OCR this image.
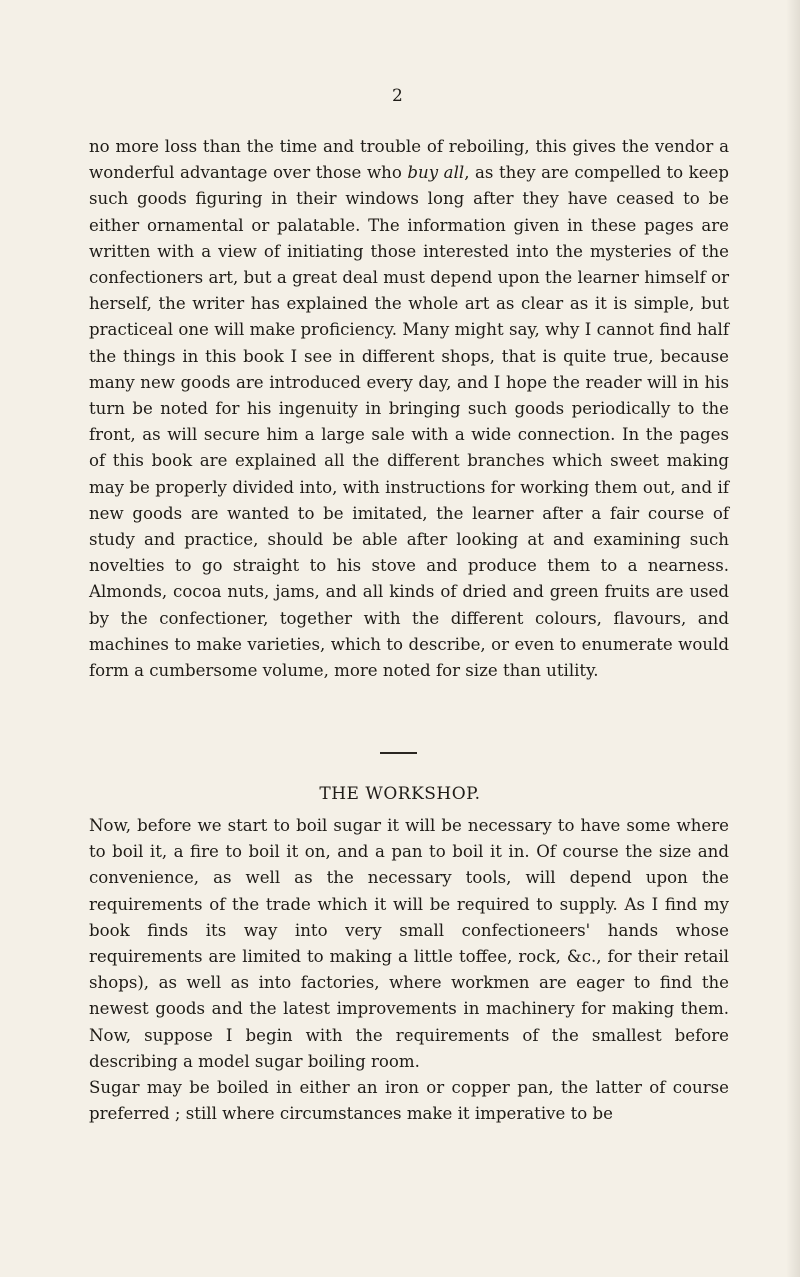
2

no more loss than the time and trouble of reboiling, this gives the vendor a wonderful advantage over those who buy all, as they are compelled to keep such goods figuring in their windows long after they have ceased to be either ornamental or palatable. The information given in these pages are written with a view of initiating those interested into the mysteries of the confectioners art, but a great deal must depend upon the learner himself or herself, the writer has explained the whole art as clear as it is simple, but practiceal one will make proficiency. Many might say, why I cannot find half the things in this book I see in different shops, that is quite true, because many new goods are introduced every day, and I hope the reader will in his turn be noted for his ingenuity in bringing such goods periodically to the front, as will secure him a large sale with a wide connection. In the pages of this book are explained all the different branches which sweet making may be properly divided into, with instructions for working them out, and if new goods are wanted to be imitated, the learner after a fair course of study and practice, should be able after looking at and examining such novelties to go straight to his stove and produce them to a nearness. Almonds, cocoa nuts, jams, and all kinds of dried and green fruits are used by the confectioner, together with the different colours, flavours, and machines to make varieties, which to describe, or even to enumerate would form a cumbersome volume, more noted for size than utility.

THE WORKSHOP.

Now, before we start to boil sugar it will be necessary to have some where to boil it, a fire to boil it on, and a pan to boil it in. Of course the size and convenience, as well as the necessary tools, will depend upon the requirements of the trade which it will be required to supply. As I find my book finds its way into very small confectioneers' hands whose requirements are limited to making a little toffee, rock, &c., for their retail shops), as well as into factories, where workmen are eager to find the newest goods and the latest improvements in machinery for making them. Now, suppose I begin with the requirements of the smallest before describing a model sugar boiling room.

Sugar may be boiled in either an iron or copper pan, the latter of course preferred ; still where circumstances make it imperative to be
